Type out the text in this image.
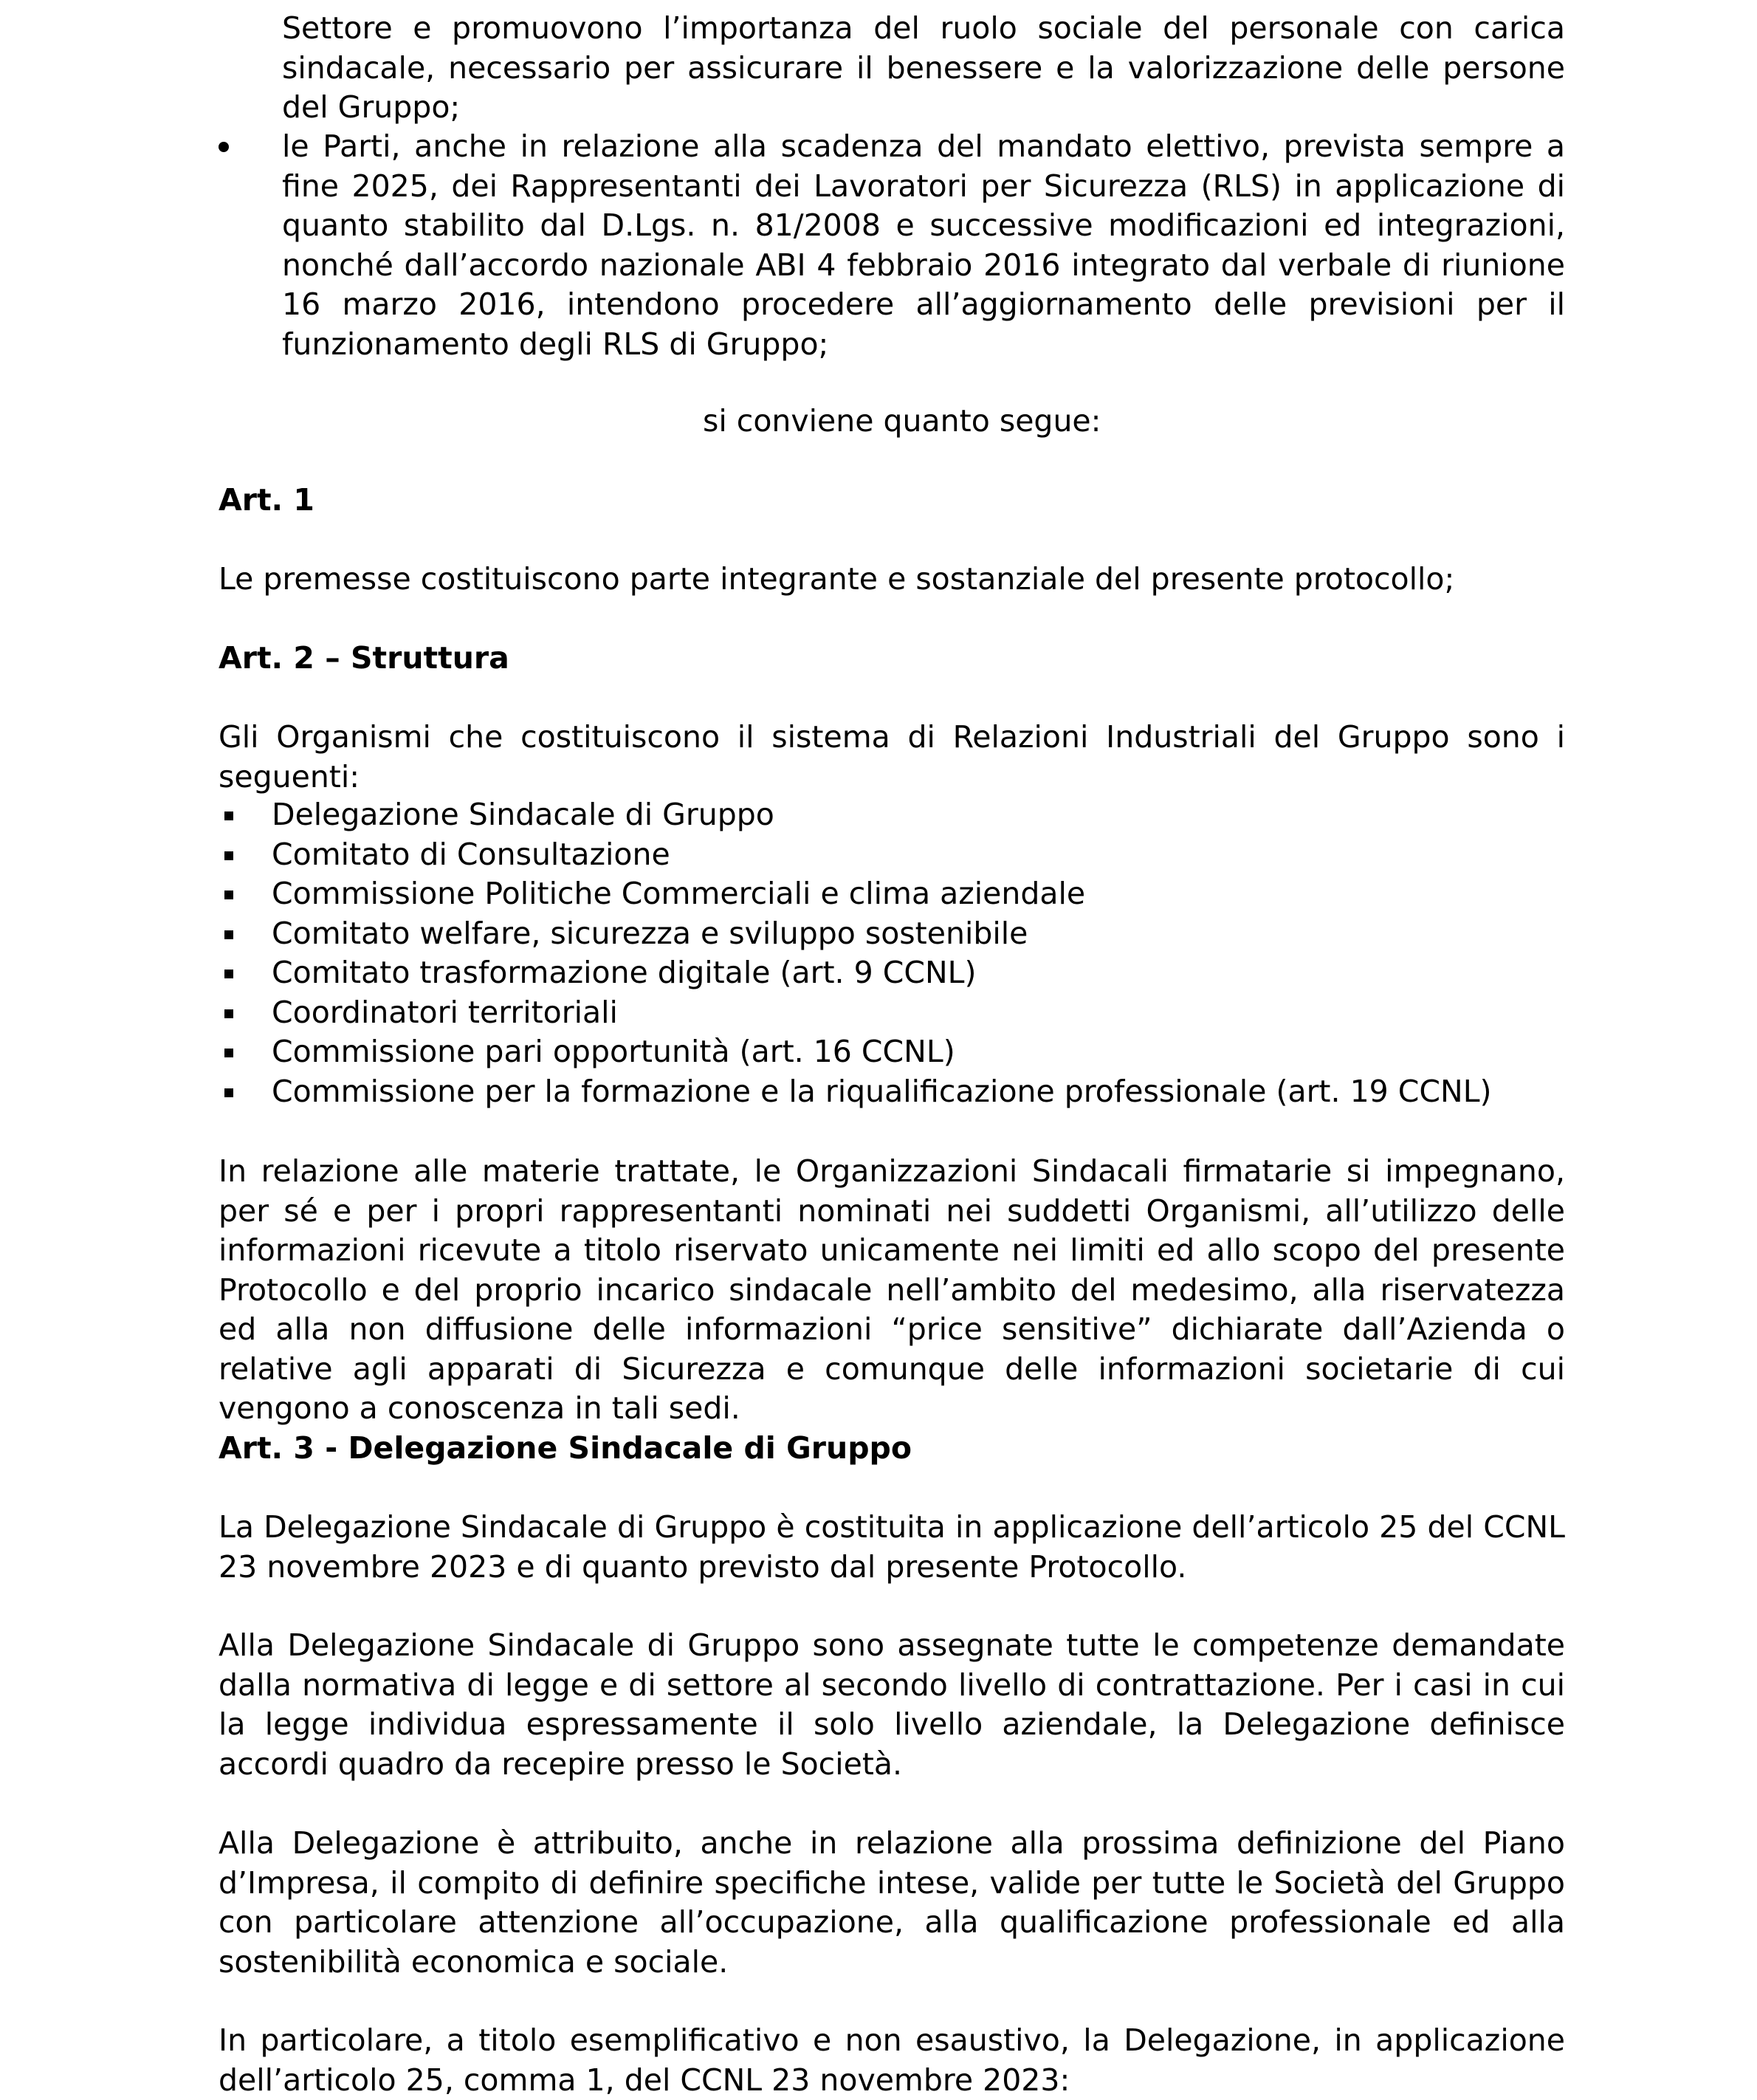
Settore e promuovono l’importanza del ruolo sociale del personale con carica sindacale, necessario per assicurare il benessere e la valorizzazione delle persone del Gruppo;

le Parti, anche in relazione alla scadenza del mandato elettivo, prevista sempre a fine 2025, dei Rappresentanti dei Lavoratori per Sicurezza (RLS) in applicazione di quanto stabilito dal D.Lgs. n. 81/2008 e successive modificazioni ed integrazioni, nonché dall’accordo nazionale ABI 4 febbraio 2016 integrato dal verbale di riunione 16 marzo 2016, intendono procedere all’aggiornamento delle previsioni per il funzionamento degli RLS di Gruppo;

si conviene quanto segue:

Art. 1

Le premesse costituiscono parte integrante e sostanziale del presente protocollo;

Art. 2 – Struttura

Gli Organismi che costituiscono il sistema di Relazioni Industriali del Gruppo sono i seguenti:

Delegazione Sindacale di Gruppo
Comitato di Consultazione
Commissione Politiche Commerciali e clima aziendale
Comitato welfare, sicurezza e sviluppo sostenibile
Comitato trasformazione digitale (art. 9 CCNL)
Coordinatori territoriali
Commissione pari opportunità (art. 16 CCNL)
Commissione per la formazione e la riqualificazione professionale (art. 19 CCNL)

In relazione alle materie trattate, le Organizzazioni Sindacali firmatarie si impegnano, per sé e per i propri rappresentanti nominati nei suddetti Organismi, all’utilizzo delle informazioni ricevute a titolo riservato unicamente nei limiti ed allo scopo del presente Protocollo e del proprio incarico sindacale nell’ambito del medesimo, alla riservatezza ed alla non diffusione delle informazioni “price sensitive” dichiarate dall’Azienda o relative agli apparati di Sicurezza e comunque delle informazioni societarie di cui vengono a conoscenza in tali sedi.

Art. 3 - Delegazione Sindacale di Gruppo

La Delegazione Sindacale di Gruppo è costituita in applicazione dell’articolo 25 del CCNL 23 novembre 2023 e di quanto previsto dal presente Protocollo.

Alla Delegazione Sindacale di Gruppo sono assegnate tutte le competenze demandate dalla normativa di legge e di settore al secondo livello di contrattazione. Per i casi in cui la legge individua espressamente il solo livello aziendale, la Delegazione definisce accordi quadro da recepire presso le Società.

Alla Delegazione è attribuito, anche in relazione alla prossima definizione del Piano d’Impresa, il compito di definire specifiche intese, valide per tutte le Società del Gruppo con particolare attenzione all’occupazione, alla qualificazione professionale ed alla sostenibilità economica e sociale.

In particolare, a titolo esemplificativo e non esaustivo, la Delegazione, in applicazione dell’articolo 25, comma 1, del CCNL 23 novembre 2023:
